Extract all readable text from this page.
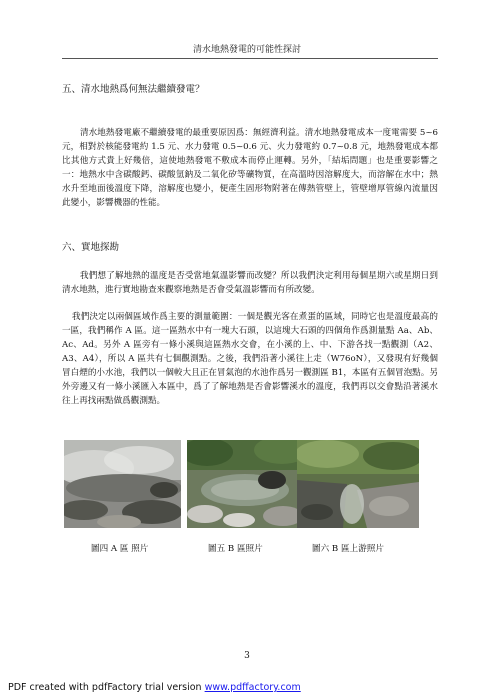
清水地熱發電的可能性探討
五、清水地熱爲何無法繼續發電？
清水地熱發電廠不繼續發電的最重要原因爲：無經濟利益。清水地熱發電成本一度電需要 5~6 元，相對於核能發電約 1.5 元、水力發電 0.5~0.6 元、火力發電約 0.7~0.8 元，地熱發電成本都比其他方式貴上好幾倍，這使地熱發電不敷成本而停止運轉。另外，「結垢問題」也是重要影響之一：地熱水中含碳酸鈣、碳酸氫鈉及二氧化矽等礦物質，在高溫時因溶解度大，而溶解在水中；熱水升至地面後溫度下降，溶解度也變小，便產生固形物附著在傳熱管壁上，管壁增厚管線內流量因此變小，影響機器的性能。
六、實地探勘
我們想了解地熱的溫度是否受當地氣溫影響而改變？所以我們決定利用每個星期六或星期日到清水地熱，進行實地勘查來觀察地熱是否會受氣溫影響而有所改變。
我們決定以兩個區域作爲主要的測量範圍：一個是觀光客在煮蛋的區域，同時它也是溫度最高的一區，我們稱作 A 區。這一區熱水中有一塊大石頭，以這塊大石頭的四個角作爲測量點 Aa、Ab、Ac、Ad。另外 A 區旁有一條小溪與這區熱水交會，在小溪的上、中、下游各找一點觀測（A2、A3、A4），所以 A 區共有七個觀測點。之後，我們沿著小溪往上走（W76oN），又發現有好幾個冒白煙的小水池，我們以一個較大且正在冒氣泡的水池作爲另一觀測區 B1，本區有五個冒泡點。另外旁邊又有一條小溪匯入本區中，爲了了解地熱是否會影響溪水的溫度，我們再以交會點沿著溪水往上再找兩點做爲觀測點。
圖四 A 區 照片	圖五 B 區照片	圖六 B 區上游照片
3
PDF created with pdfFactory trial version www.pdffactory.com
